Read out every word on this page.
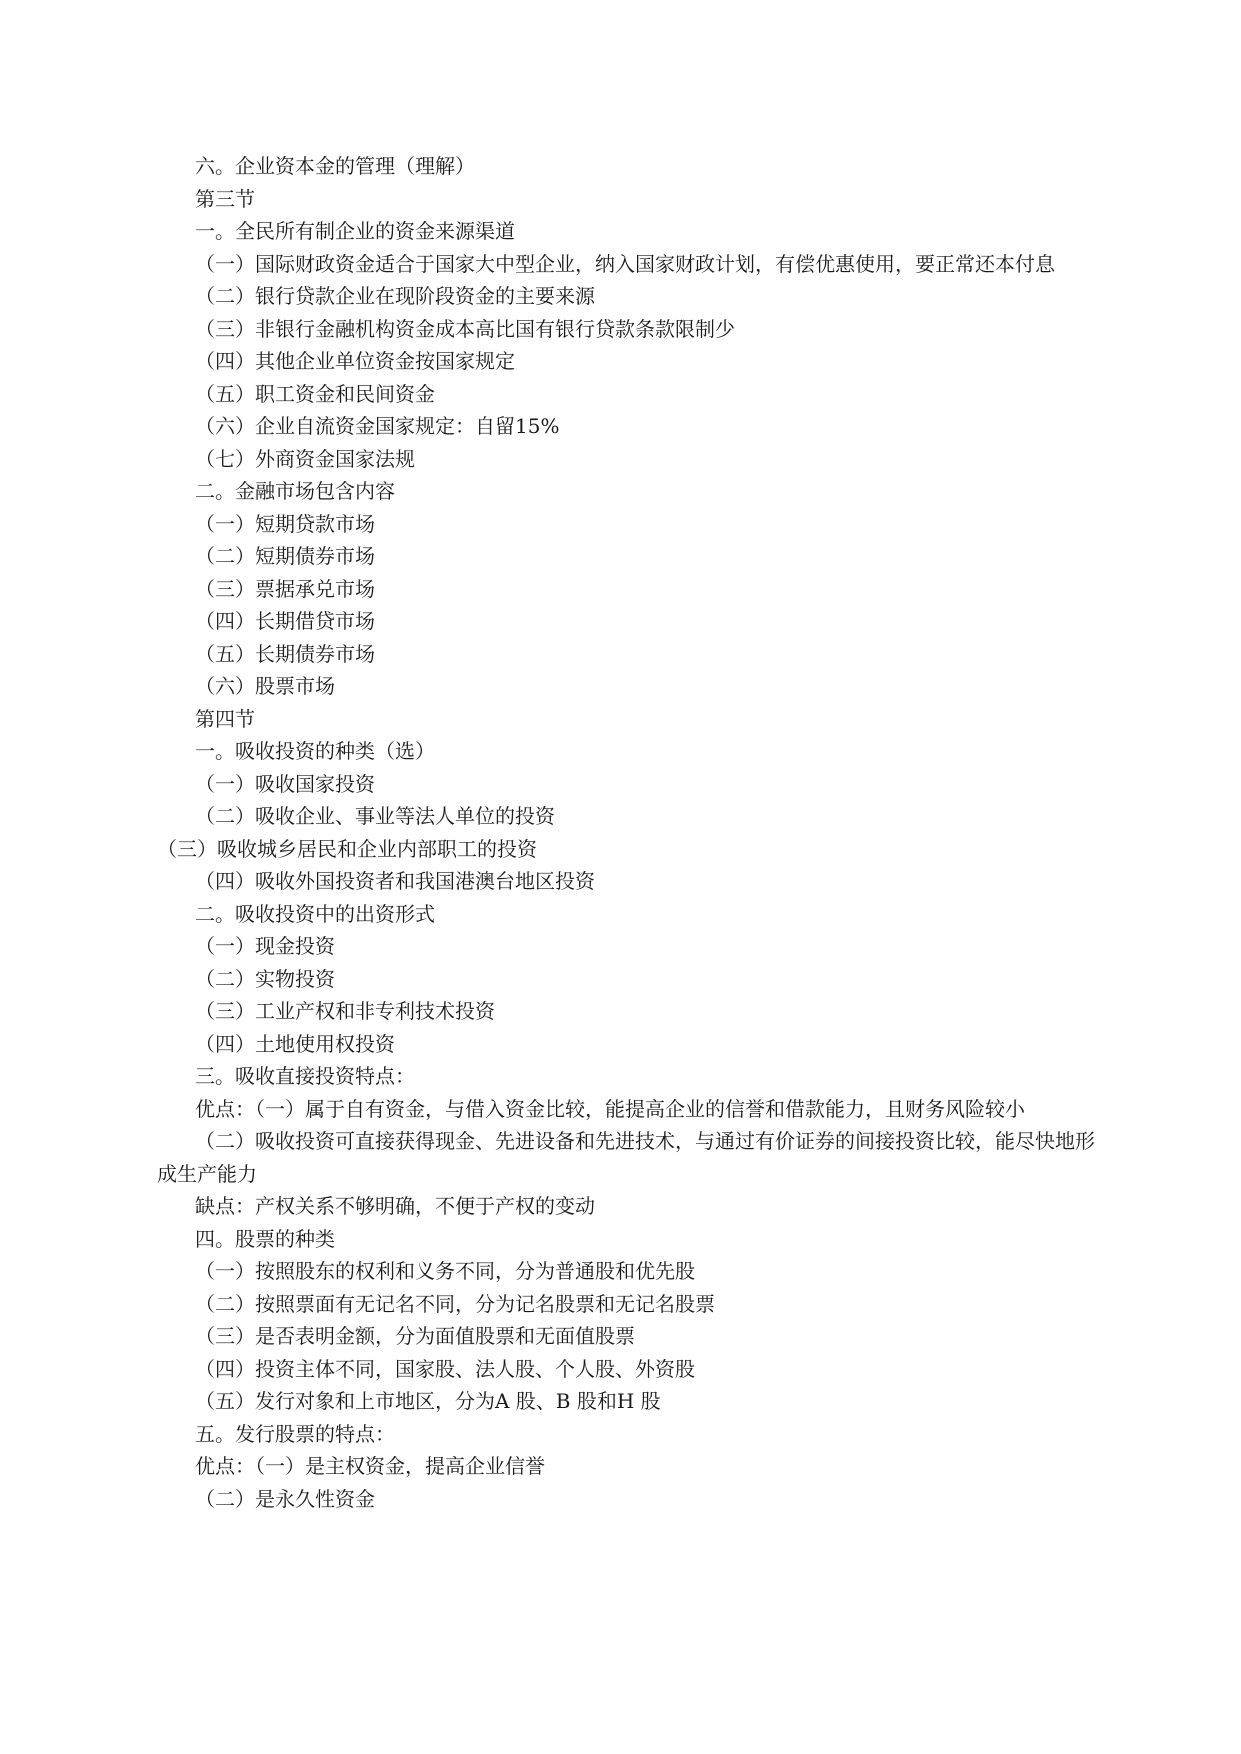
六。企业资本金的管理（理解）

第三节

一。全民所有制企业的资金来源渠道

（一）国际财政资金适合于国家大中型企业，纳入国家财政计划，有偿优惠使用，要正常还本付息

（二）银行贷款企业在现阶段资金的主要来源

（三）非银行金融机构资金成本高比国有银行贷款条款限制少

（四）其他企业单位资金按国家规定

（五）职工资金和民间资金

（六）企业自流资金国家规定：自留15%

（七）外商资金国家法规

二。金融市场包含内容

（一）短期贷款市场

（二）短期债券市场

（三）票据承兑市场

（四）长期借贷市场

（五）长期债券市场

（六）股票市场

第四节

一。吸收投资的种类（选）

（一）吸收国家投资

（二）吸收企业、事业等法人单位的投资

（三）吸收城乡居民和企业内部职工的投资

（四）吸收外国投资者和我国港澳台地区投资

二。吸收投资中的出资形式

（一）现金投资

（二）实物投资

（三）工业产权和非专利技术投资

（四）土地使用权投资

三。吸收直接投资特点：

优点：（一）属于自有资金，与借入资金比较，能提高企业的信誉和借款能力，且财务风险较小

（二）吸收投资可直接获得现金、先进设备和先进技术，与通过有价证券的间接投资比较，能尽快地形成生产能力

缺点：产权关系不够明确，不便于产权的变动

四。股票的种类

（一）按照股东的权利和义务不同，分为普通股和优先股

（二）按照票面有无记名不同，分为记名股票和无记名股票

（三）是否表明金额，分为面值股票和无面值股票

（四）投资主体不同，国家股、法人股、个人股、外资股

（五）发行对象和上市地区，分为A 股、B 股和H 股

五。发行股票的特点：

优点：（一）是主权资金，提高企业信誉

（二）是永久性资金
